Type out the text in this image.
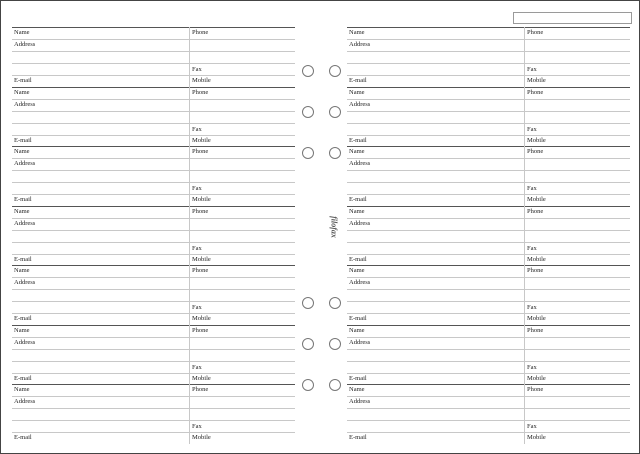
Name	Phone
Address
Fax
E-mail	Mobile
Name	Phone
Address
Fax
E-mail	Mobile
Name	Phone
Address
Fax
E-mail	Mobile
Name	Phone
Address
Fax
E-mail	Mobile
Name	Phone
Address
Fax
E-mail	Mobile
Name	Phone
Address
Fax
E-mail	Mobile
Name	Phone
Address
Fax
E-mail	Mobile
Name	Phone
Address
Fax
E-mail	Mobile
Name	Phone
Address
Fax
E-mail	Mobile
Name	Phone
Address
Fax
E-mail	Mobile
Name	Phone
Address
Fax
E-mail	Mobile
Name	Phone
Address
Fax
E-mail	Mobile
Name	Phone
Address
Fax
E-mail	Mobile
Name	Phone
Address
Fax
E-mail	Mobile
filofax
